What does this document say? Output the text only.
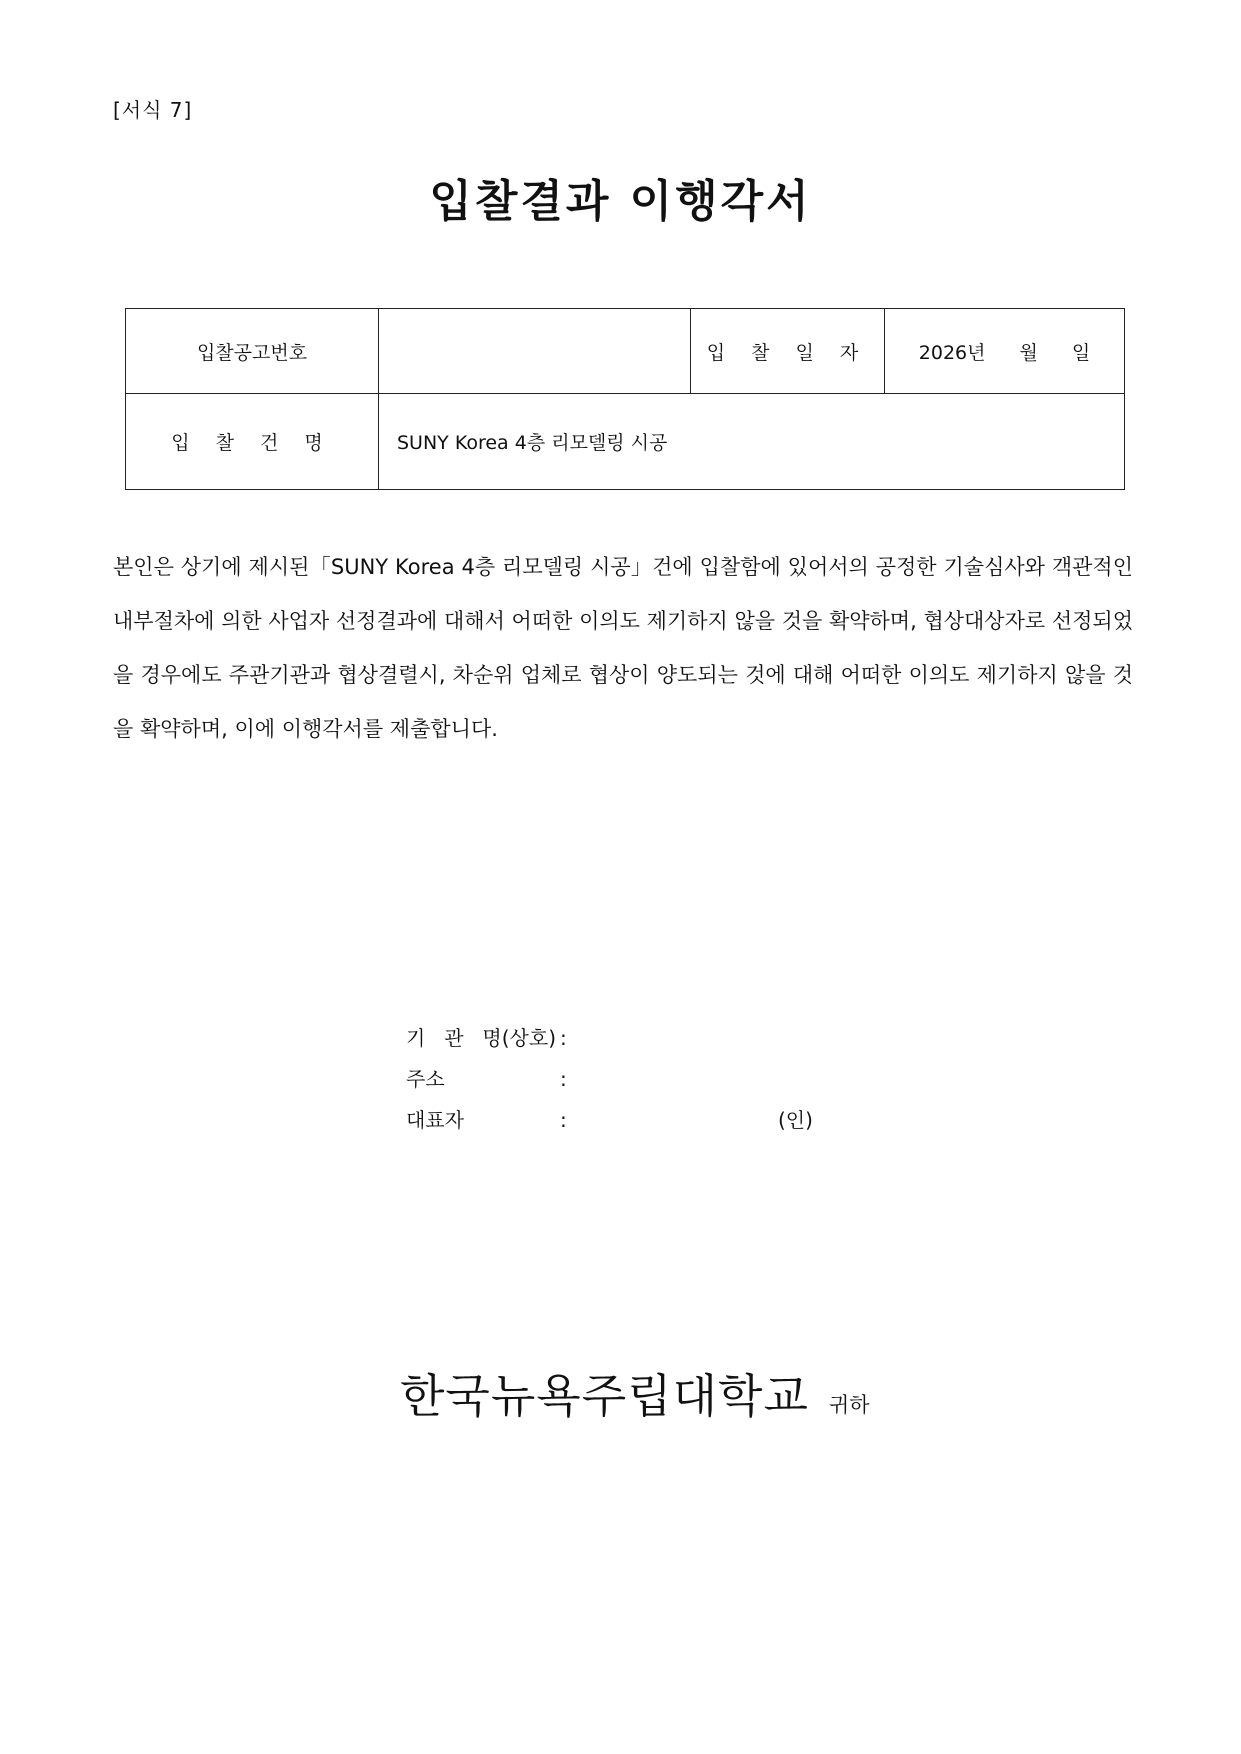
[서식 7]
입찰결과 이행각서
입찰공고번호		입 찰 일 자	2026년 월 일
입 찰 건 명	SUNY Korea 4층 리모델링 시공		

본인은 상기에 제시된「SUNY Korea 4층 리모델링 시공」건에 입찰함에 있어서의 공정한 기술심사와 객관적인 내부절차에 의한 사업자 선정결과에 대해서 어떠한 이의도 제기하지 않을 것을 확약하며, 협상대상자로 선정되었을 경우에도 주관기관과 협상결렬시, 차순위 업체로 협상이 양도되는 것에 대해 어떠한 이의도 제기하지 않을 것을 확약하며, 이에 이행각서를 제출합니다.

기 관 명(상호) :
주소	:
대표자	:	(인)
한국뉴욕주립대학교 귀하
